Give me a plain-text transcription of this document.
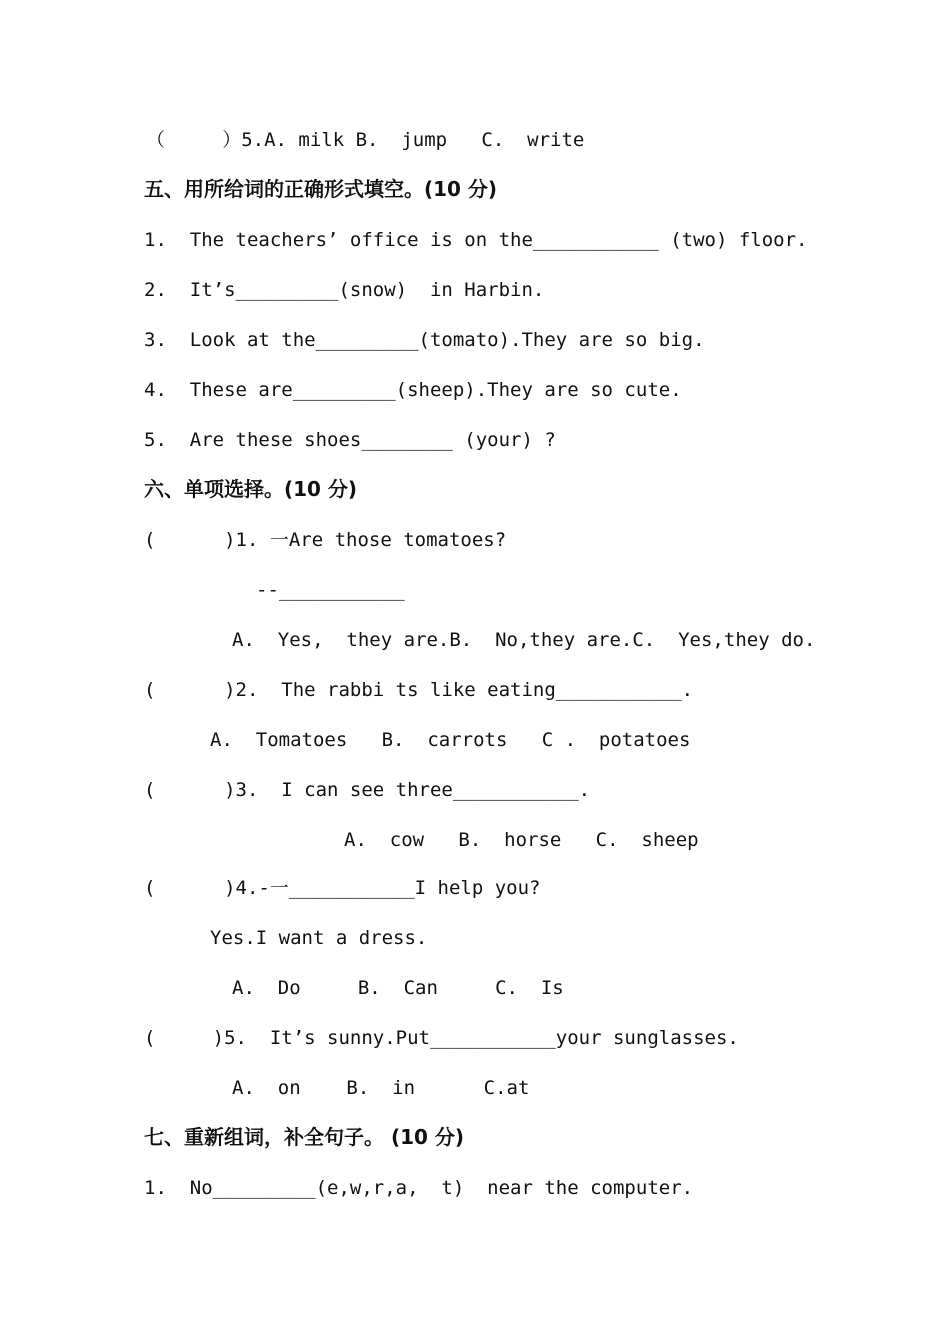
（     ）5.A. milk B.  jump   C.  write
五、用所给词的正确形式填空。(10 分)
1.  The teachers’ office is on the___________ (two) floor.
2.  It’s_________(snow)  in Harbin.
3.  Look at the_________(tomato).They are so big.
4.  These are_________(sheep).They are so cute.
5.  Are these shoes________ (your) ?
六、单项选择。(10 分)
(      )1. 一Are those tomatoes?
--___________
A.  Yes,  they are.B.  No,they are.C.  Yes,they do.
(      )2.  The rabbi ts like eating___________.
A.  Tomatoes   B.  carrots   C .  potatoes
(      )3.  I can see three___________.
A.  cow   B.  horse   C.  sheep
(      )4.-一___________I help you?
Yes.I want a dress.
A.  Do     B.  Can     C.  Is
(     )5.  It’s sunny.Put___________your sunglasses.
A.  on    B.  in      C.at
七、重新组词，补全句子。 (10 分)
1.  No_________(e,w,r,a,  t)  near the computer.
